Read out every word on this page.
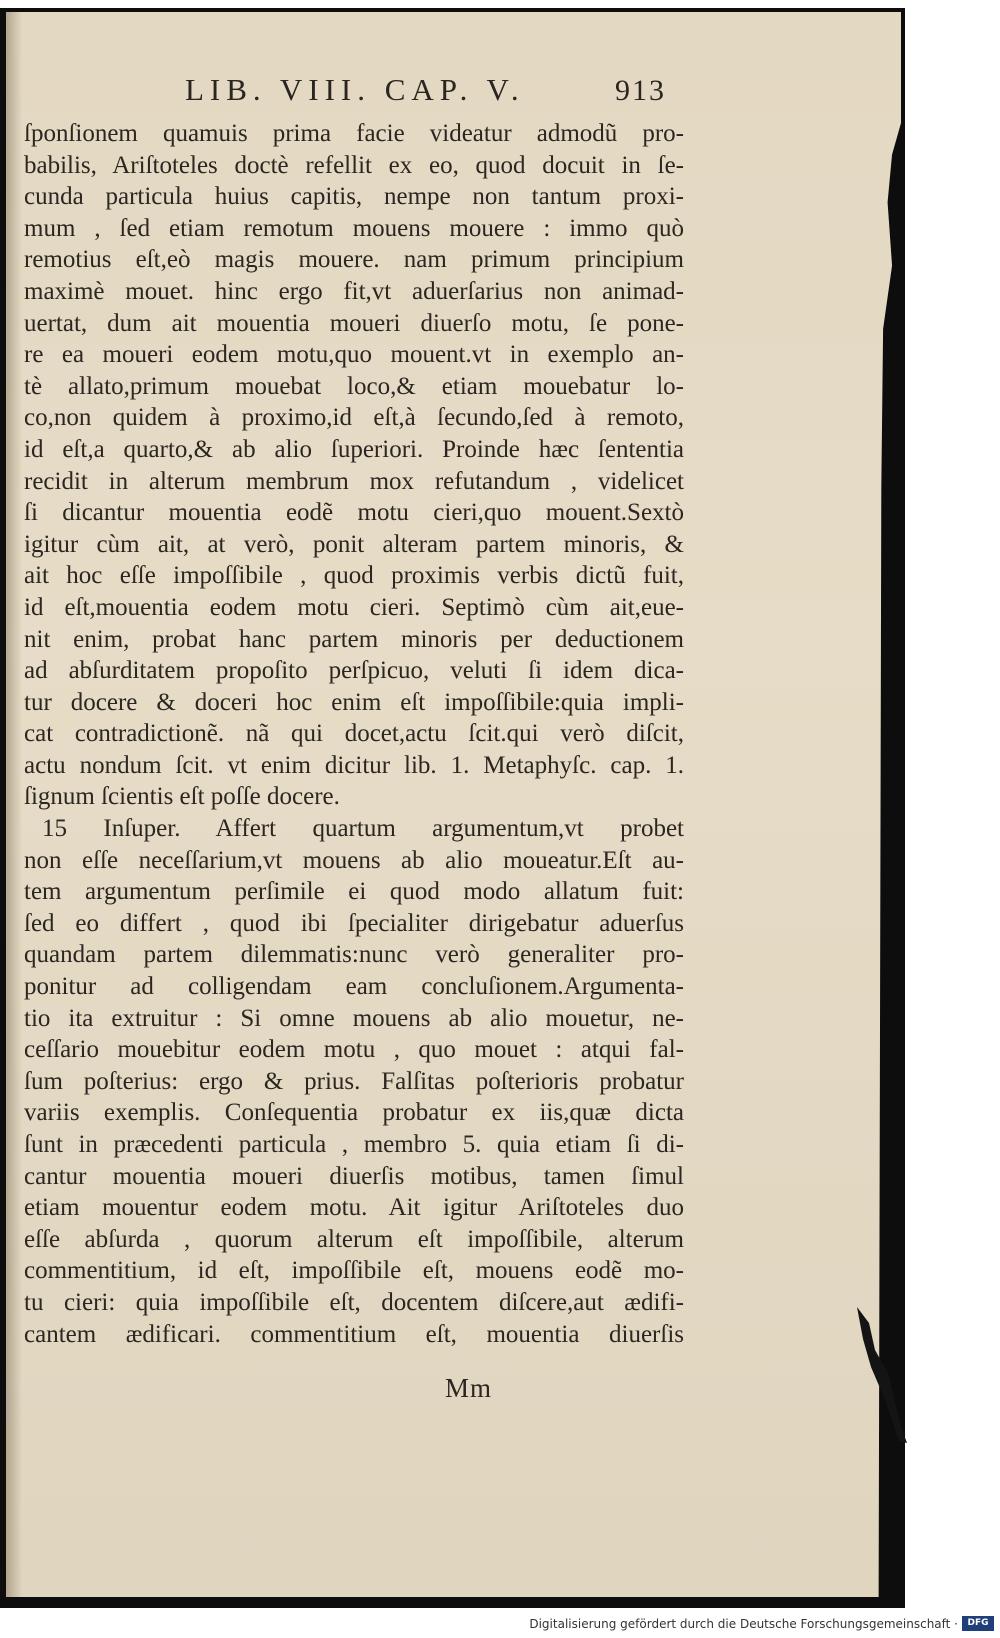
LIB. VIII. CAP. V.	913
ſponſionem quamuis prima facie videatur admodũ pro-
babilis, Ariſtoteles doctè refellit ex eo, quod docuit in ſe-
cunda particula huius capitis, nempe non tantum proxi-
mum , ſed etiam remotum mouens mouere : immo quò
remotius eſt,eò magis mouere. nam primum principium
maximè mouet. hinc ergo fit,vt aduerſarius non animad-
uertat, dum ait mouentia moueri diuerſo motu, ſe pone-
re ea moueri eodem motu,quo mouent.vt in exemplo an-
tè allato,primum mouebat loco,& etiam mouebatur lo-
co,non quidem à proximo,id eſt,à ſecundo,ſed à remoto,
id eſt,a quarto,& ab alio ſuperiori. Proinde hæc ſententia
recidit in alterum membrum mox refutandum , videlicet
ſi dicantur mouentia eodẽ motu cieri,quo mouent.Sextò
igitur cùm ait, at verò, ponit alteram partem minoris, &
ait hoc eſſe impoſſibile , quod proximis verbis dictũ fuit,
id eſt,mouentia eodem motu cieri. Septimò cùm ait,eue-
nit enim, probat hanc partem minoris per deductionem
ad abſurditatem propoſito perſpicuo, veluti ſi idem dica-
tur docere & doceri hoc enim eſt impoſſibile:quia impli-
cat contradictionẽ. nã qui docet,actu ſcit.qui verò diſcit,
actu nondum ſcit. vt enim dicitur lib. 1. Metaphyſc. cap. 1.
ſignum ſcientis eſt poſſe docere.
15 Inſuper. Affert quartum argumentum,vt probet
non eſſe neceſſarium,vt mouens ab alio moueatur.Eſt au-
tem argumentum perſimile ei quod modo allatum fuit:
ſed eo differt , quod ibi ſpecialiter dirigebatur aduerſus
quandam partem dilemmatis:nunc verò generaliter pro-
ponitur ad colligendam eam concluſionem.Argumenta-
tio ita extruitur : Si omne mouens ab alio mouetur, ne-
ceſſario mouebitur eodem motu , quo mouet : atqui fal-
ſum poſterius: ergo & prius. Falſitas poſterioris probatur
variis exemplis. Conſequentia probatur ex iis,quæ dicta
ſunt in præcedenti particula , membro 5. quia etiam ſi di-
cantur mouentia moueri diuerſis motibus, tamen ſimul
etiam mouentur eodem motu. Ait igitur Ariſtoteles duo
eſſe abſurda , quorum alterum eſt impoſſibile, alterum
commentitium, id eſt, impoſſibile eſt, mouens eodẽ mo-
tu cieri: quia impoſſibile eſt, docentem diſcere,aut ædifi-
cantem ædificari. commentitium eſt, mouentia diuerſis
Mm
Digitalisierung gefördert durch die Deutsche Forschungsgemeinschaft ·	DFG
